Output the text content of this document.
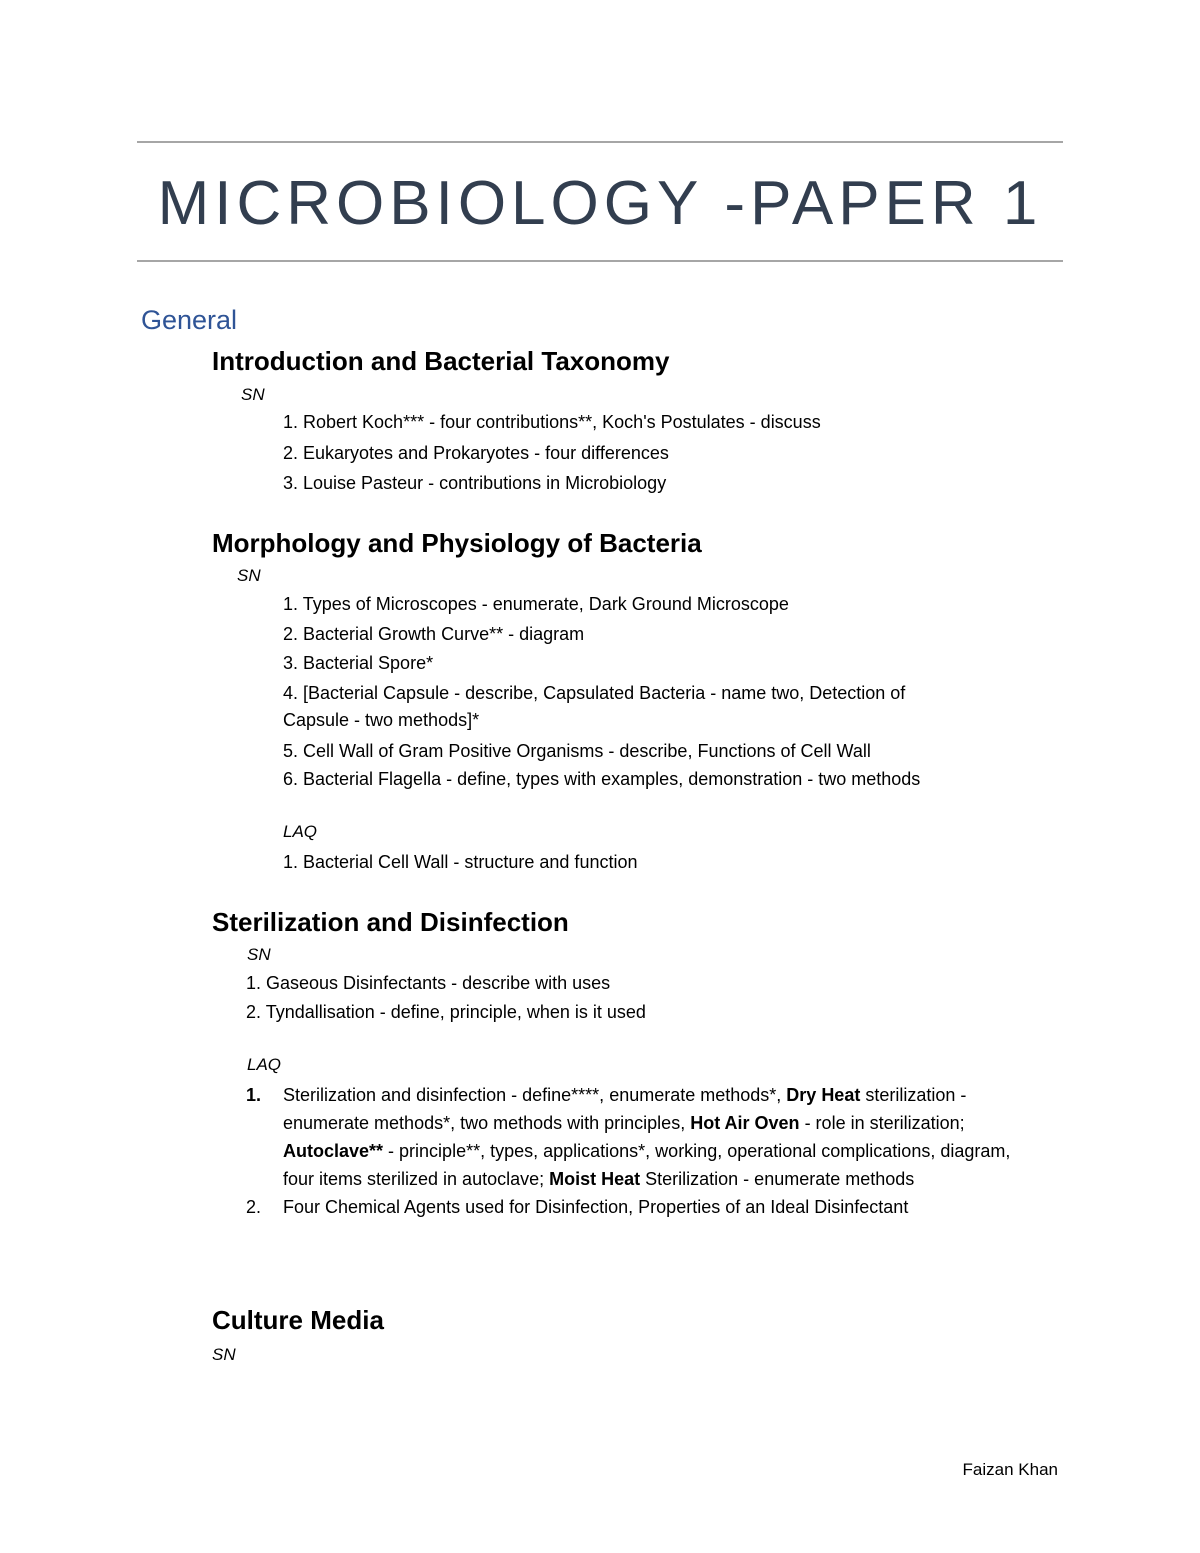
MICROBIOLOGY -PAPER 1
General
Introduction and Bacterial Taxonomy
SN
1. Robert Koch*** - four contributions**, Koch's Postulates - discuss
2. Eukaryotes and Prokaryotes - four differences
3. Louise Pasteur - contributions in Microbiology
Morphology and Physiology of Bacteria
SN
1. Types of Microscopes - enumerate, Dark Ground Microscope
2. Bacterial Growth Curve** - diagram
3. Bacterial Spore*
4. [Bacterial Capsule - describe, Capsulated Bacteria - name two, Detection of
Capsule - two methods]*
5. Cell Wall of Gram Positive Organisms - describe, Functions of Cell Wall
6. Bacterial Flagella - define, types with examples, demonstration - two methods
LAQ
1. Bacterial Cell Wall - structure and function
Sterilization and Disinfection
SN
1. Gaseous Disinfectants - describe with uses
2. Tyndallisation - define, principle, when is it used
LAQ
1. Sterilization and disinfection - define****, enumerate methods*, Dry Heat sterilization - enumerate methods*, two methods with principles, Hot Air Oven - role in sterilization; Autoclave** - principle**, types, applications*, working, operational complications, diagram, four items sterilized in autoclave; Moist Heat Sterilization - enumerate methods
2. Four Chemical Agents used for Disinfection, Properties of an Ideal Disinfectant
Culture Media
SN
Faizan Khan
